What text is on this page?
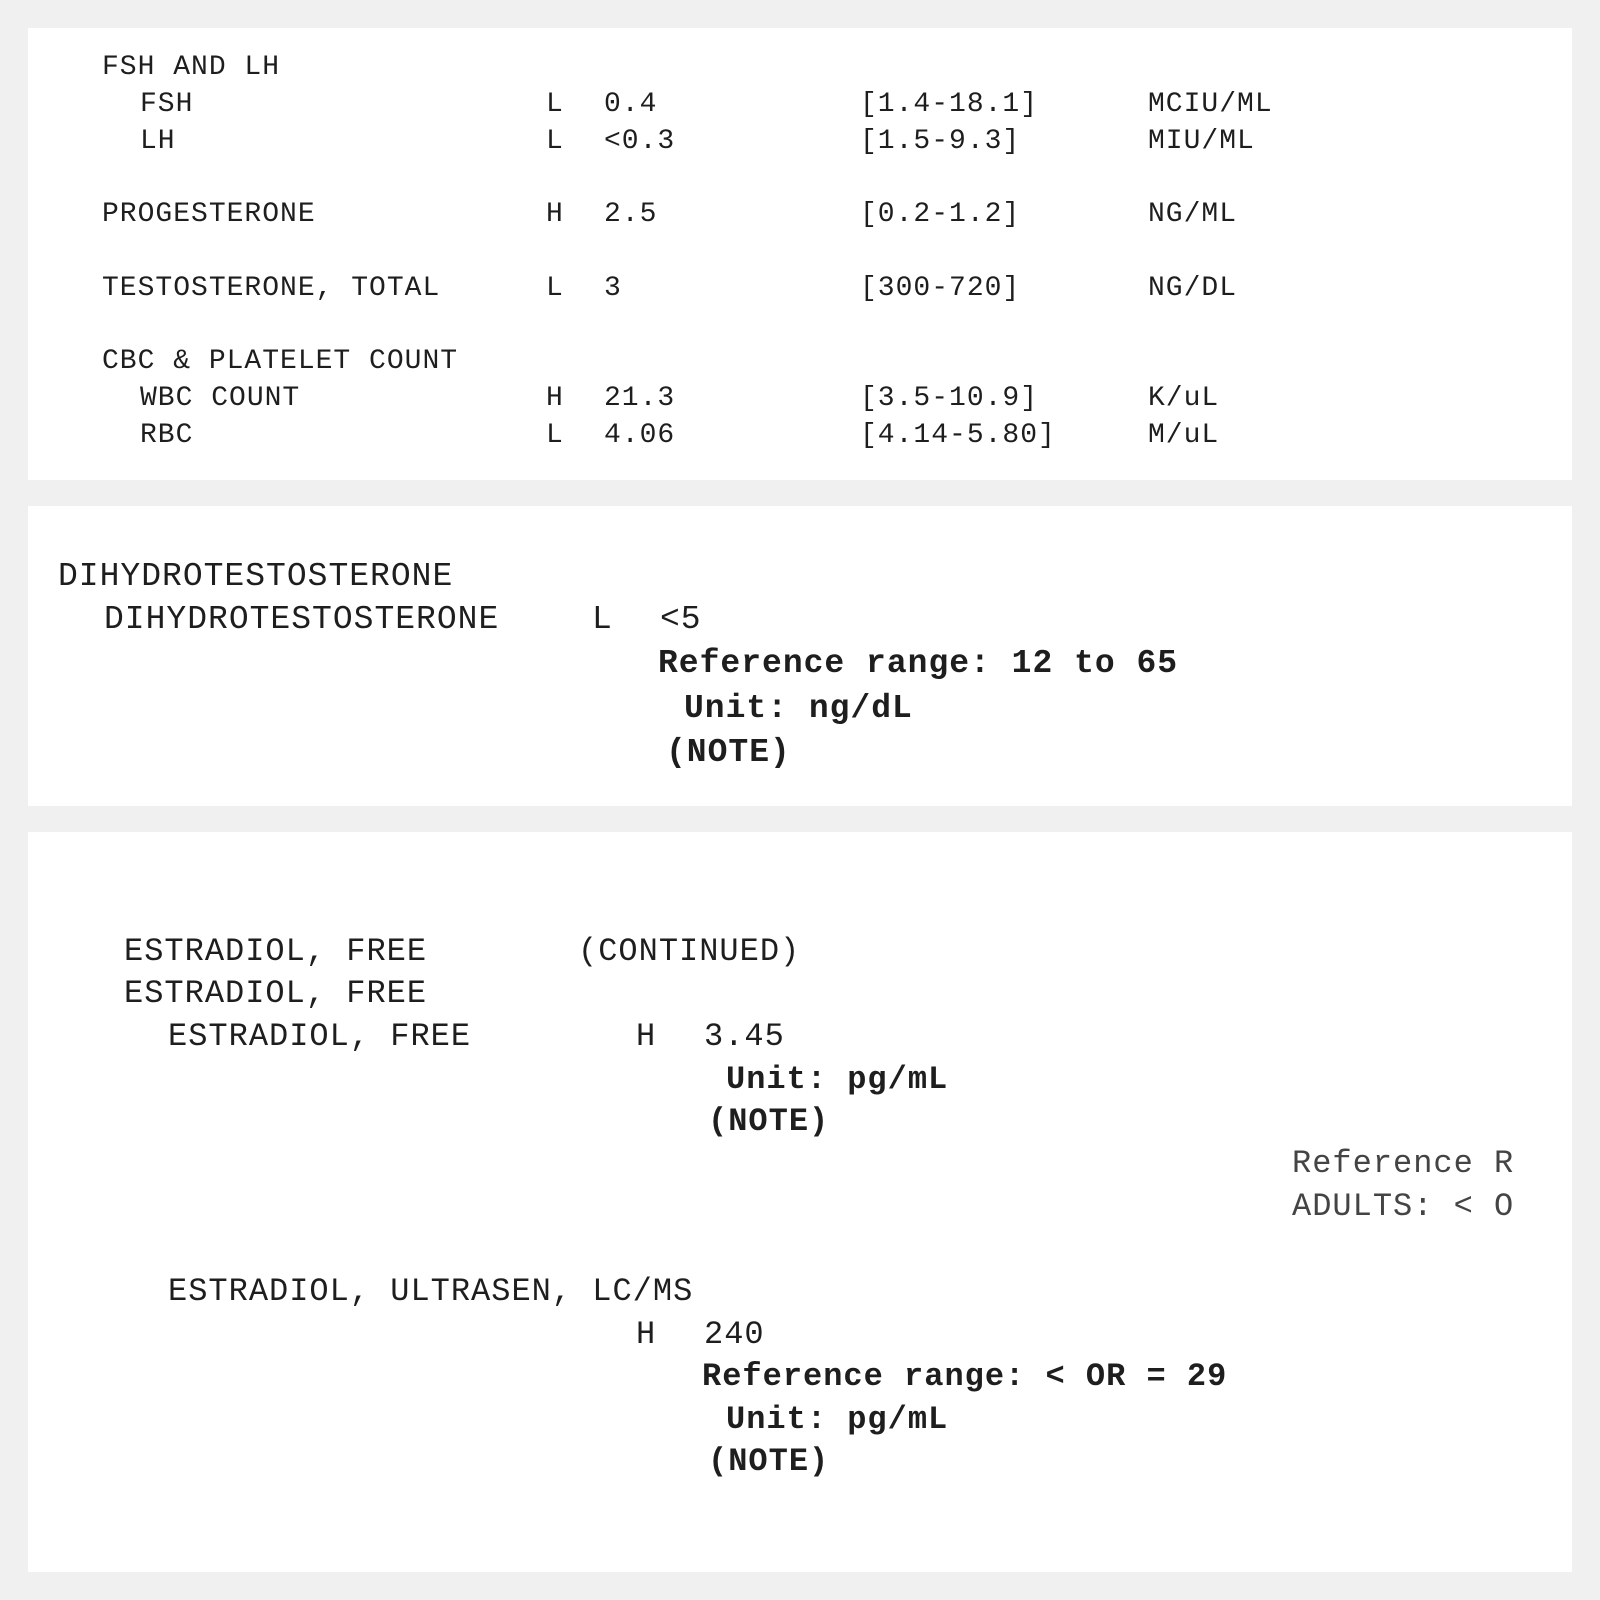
FSH AND LH
FSH	L 0.4	[1.4-18.1]	MCIU/ML
LH	L <0.3	[1.5-9.3]	MIU/ML
PROGESTERONE	H 2.5	[0.2-1.2]	NG/ML
TESTOSTERONE, TOTAL	L 3	[300-720]	NG/DL
CBC & PLATELET COUNT
WBC COUNT	H 21.3	[3.5-10.9]	K/uL
RBC	L 4.06	[4.14-5.80]	M/uL
DIHYDROTESTOSTERONE
DIHYDROTESTOSTERONE	L <5
Reference range: 12 to 65
Unit: ng/dL
(NOTE)
ESTRADIOL, FREE	(CONTINUED)
ESTRADIOL, FREE
ESTRADIOL, FREE	H 3.45
Unit: pg/mL
(NOTE)
Reference R
ADULTS: < O
ESTRADIOL, ULTRASEN, LC/MS
H 240
Reference range: < OR = 29
Unit: pg/mL
(NOTE)
